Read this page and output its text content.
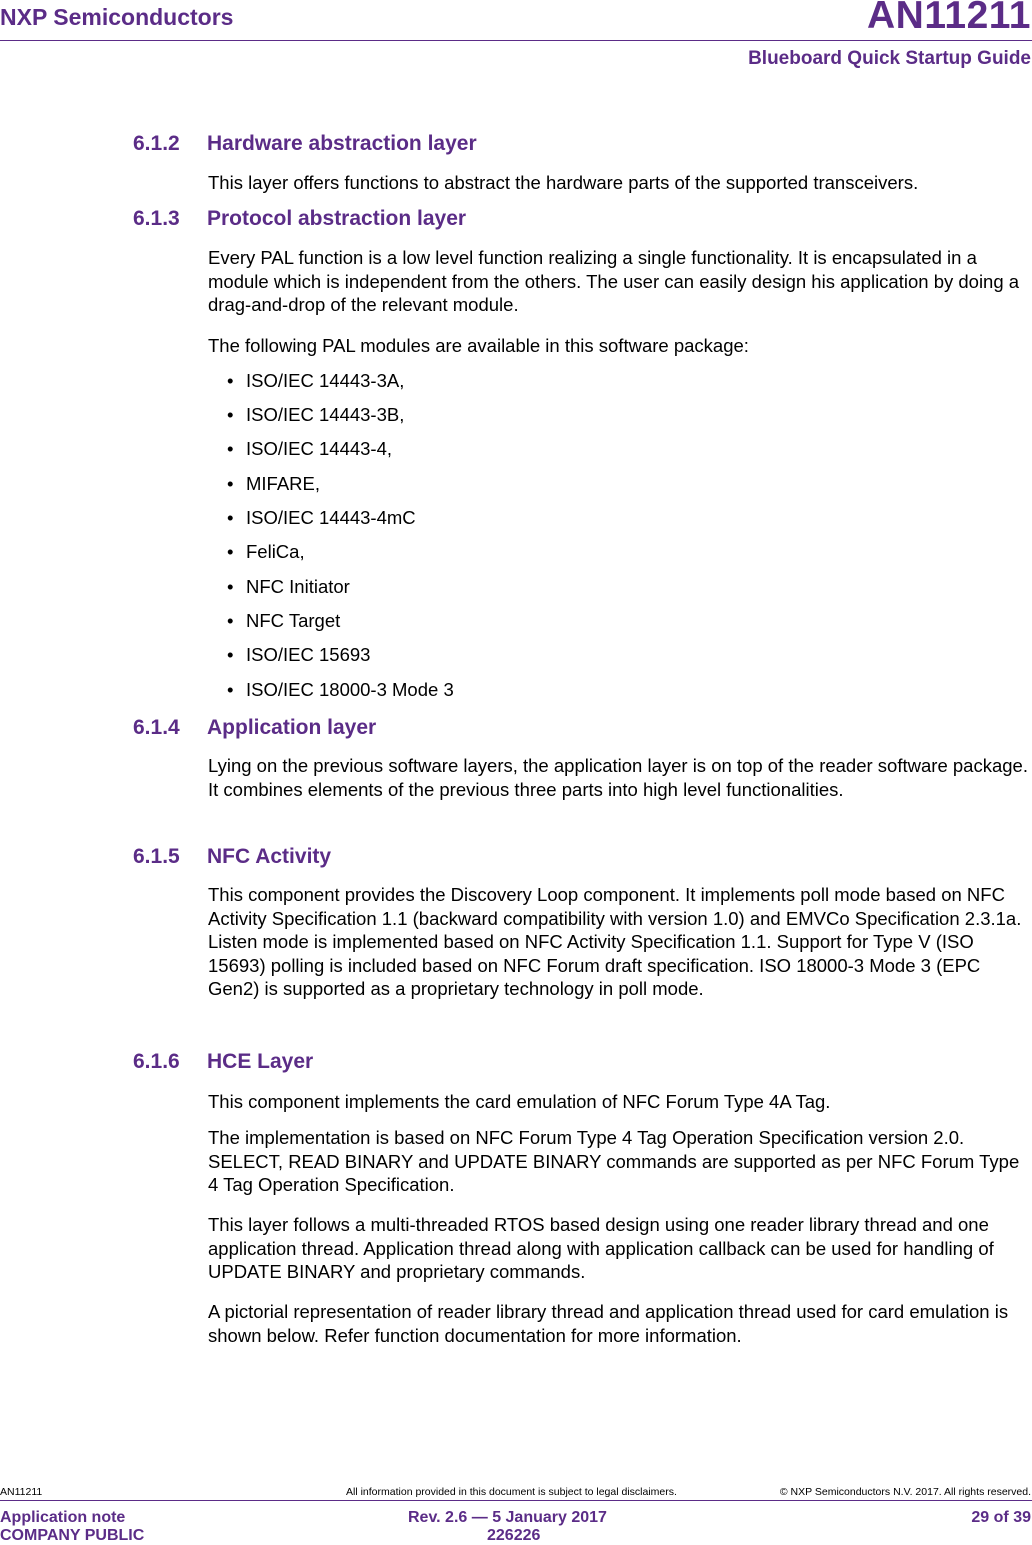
NXP Semiconductors	AN11211
Blueboard Quick Startup Guide
6.1.2 Hardware abstraction layer

This layer offers functions to abstract the hardware parts of the supported transceivers.

6.1.3 Protocol abstraction layer

Every PAL function is a low level function realizing a single functionality. It is encapsulated in a module which is independent from the others. The user can easily design his application by doing a drag-and-drop of the relevant module.

The following PAL modules are available in this software package:

• ISO/IEC 14443-3A,
• ISO/IEC 14443-3B,
• ISO/IEC 14443-4,
• MIFARE,
• ISO/IEC 14443-4mC
• FeliCa,
• NFC Initiator
• NFC Target
• ISO/IEC 15693
• ISO/IEC 18000-3 Mode 3
6.1.4 Application layer

Lying on the previous software layers, the application layer is on top of the reader software package. It combines elements of the previous three parts into high level functionalities.

6.1.5 NFC Activity

This component provides the Discovery Loop component. It implements poll mode based on NFC Activity Specification 1.1 (backward compatibility with version 1.0) and EMVCo Specification 2.3.1a. Listen mode is implemented based on NFC Activity Specification 1.1. Support for Type V (ISO 15693) polling is included based on NFC Forum draft specification. ISO 18000-3 Mode 3 (EPC Gen2) is supported as a proprietary technology in poll mode.

6.1.6 HCE Layer

This component implements the card emulation of NFC Forum Type 4A Tag.

The implementation is based on NFC Forum Type 4 Tag Operation Specification version 2.0. SELECT, READ BINARY and UPDATE BINARY commands are supported as per NFC Forum Type 4 Tag Operation Specification.

This layer follows a multi-threaded RTOS based design using one reader library thread and one application thread. Application thread along with application callback can be used for handling of UPDATE BINARY and proprietary commands.

A pictorial representation of reader library thread and application thread used for card emulation is shown below. Refer function documentation for more information.

AN11211	All information provided in this document is subject to legal disclaimers.	© NXP Semiconductors N.V. 2017. All rights reserved.
Application note
COMPANY PUBLIC
Rev. 2.6 — 5 January 2017
226226
29 of 39
